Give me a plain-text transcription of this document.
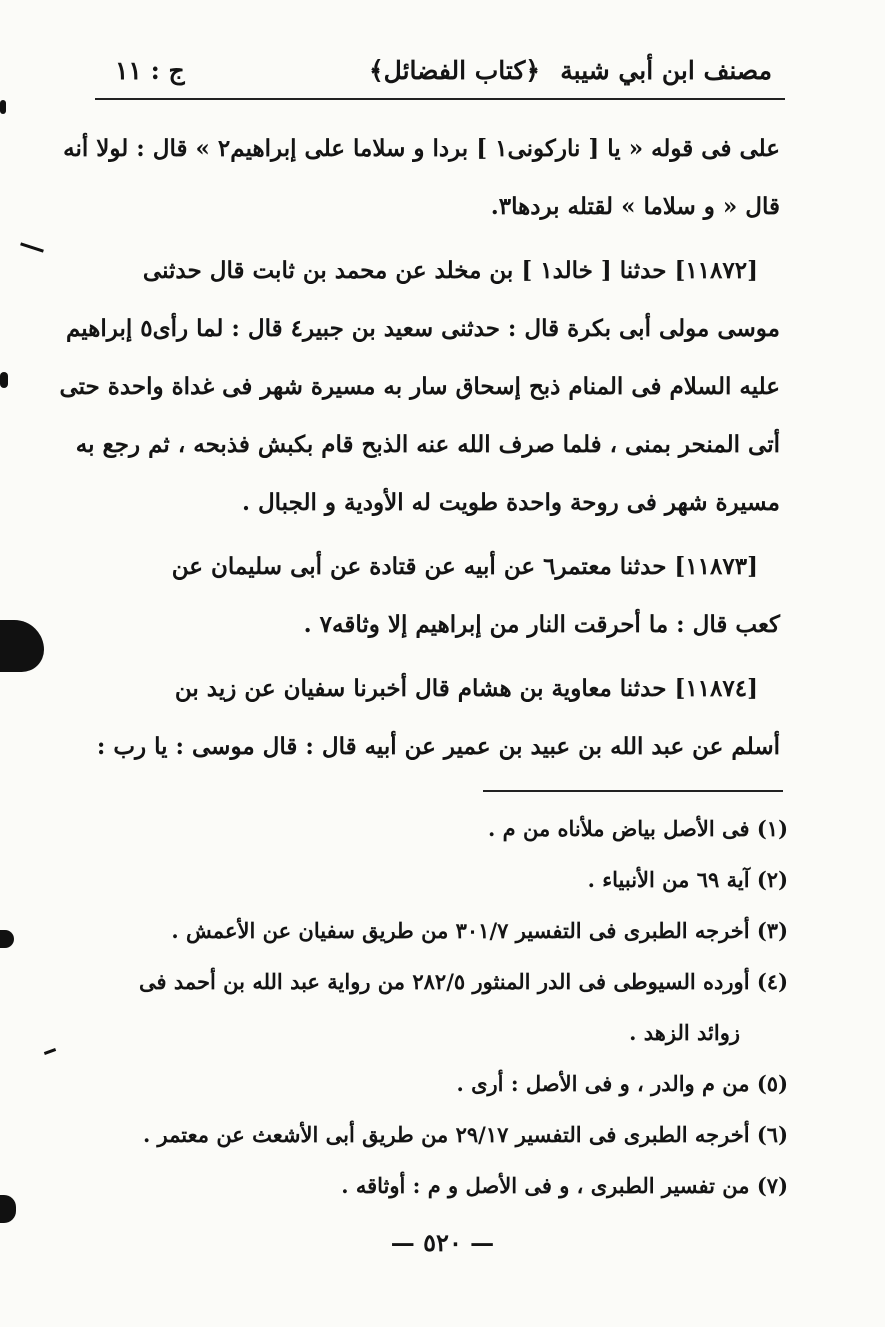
مصنف ابن أبي شيبة
﴿كتاب الفضائل﴾
ج : ١١
على فى قوله « يا [ ناركونى١ ] بردا و سلاما على إبراهيم٢ » قال : لولا أنه
قال « و سلاما » لقتله بردها٣.
[١١٨٧٢] حدثنا [ خالد١ ] بن مخلد عن محمد بن ثابت قال حدثنى
موسى مولى أبى بكرة قال : حدثنى سعيد بن جبير٤ قال : لما رأى٥ إبراهيم
عليه السلام فى المنام ذبح إسحاق سار به مسيرة شهر فى غداة واحدة حتى
أتى المنحر بمنى ، فلما صرف الله عنه الذبح قام بكبش فذبحه ، ثم رجع به
مسيرة شهر فى روحة واحدة طويت له الأودية و الجبال .
[١١٨٧٣] حدثنا معتمر٦ عن أبيه عن قتادة عن أبى سليمان عن
كعب قال : ما أحرقت النار من إبراهيم إلا وثاقه٧ .
[١١٨٧٤] حدثنا معاوية بن هشام قال أخبرنا سفيان عن زيد بن
أسلم عن عبد الله بن عبيد بن عمير عن أبيه قال : قال موسى : يا رب :
(١) فى الأصل بياض ملأناه من م .
(٢) آية ٦٩ من الأنبياء .
(٣) أخرجه الطبرى فى التفسير ٣٠١/٧ من طريق سفيان عن الأعمش .
(٤) أورده السيوطى فى الدر المنثور ٢٨٢/٥ من رواية عبد الله بن أحمد فى
زوائد الزهد .
(٥) من م والدر ، و فى الأصل : أرى .
(٦) أخرجه الطبرى فى التفسير ٢٩/١٧ من طريق أبى الأشعث عن معتمر .
(٧) من تفسير الطبرى ، و فى الأصل و م : أوثاقه .
— ٥٢٠ —
